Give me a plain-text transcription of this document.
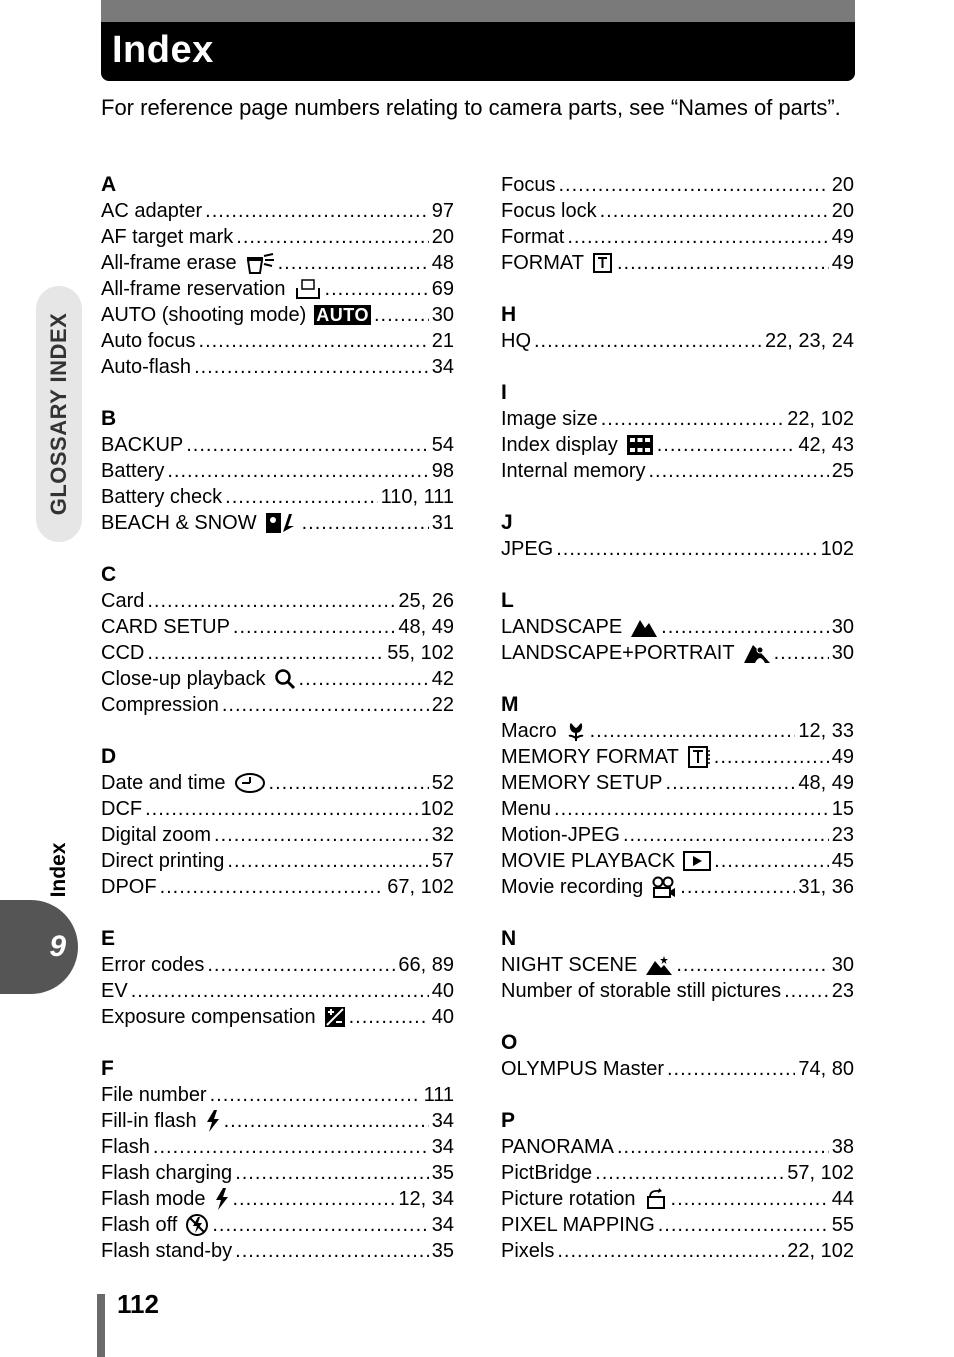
Index
For reference page numbers relating to camera parts, see “Names of parts”.
GLOSSARY INDEX
Index
9
A
AC adapter .....	97
AF target mark .....	20
All-frame erase .....	48
All-frame reservation .....	69
AUTO (shooting mode) AUTO .....	30
Auto focus .....	21
Auto-flash .....	34
B
BACKUP .....	54
Battery .....	98
Battery check .....	110, 111
BEACH & SNOW .....	31
C
Card .....	25, 26
CARD SETUP .....	48, 49
CCD .....	55, 102
Close-up playback .....	42
Compression .....	22
D
Date and time .....	52
DCF .....	102
Digital zoom .....	32
Direct printing .....	57
DPOF .....	67, 102
E
Error codes .....	66, 89
EV .....	40
Exposure compensation .....	40
F
File number .....	111
Fill-in flash .....	34
Flash .....	34
Flash charging .....	35
Flash mode .....	12, 34
Flash off .....	34
Flash stand-by .....	35
Focus .....	20
Focus lock .....	20
Format .....	49
FORMAT .....	49
H
HQ .....	22, 23, 24
I
Image size .....	22, 102
Index display .....	42, 43
Internal memory .....	25
J
JPEG .....	102
L
LANDSCAPE .....	30
LANDSCAPE+PORTRAIT .....	30
M
Macro .....	12, 33
MEMORY FORMAT .....	49
MEMORY SETUP .....	48, 49
Menu .....	15
Motion-JPEG .....	23
MOVIE PLAYBACK .....	45
Movie recording .....	31, 36
N
NIGHT SCENE .....	30
Number of storable still pictures .....	23
O
OLYMPUS Master .....	74, 80
P
PANORAMA .....	38
PictBridge .....	57, 102
Picture rotation .....	44
PIXEL MAPPING .....	55
Pixels .....	22, 102
112
